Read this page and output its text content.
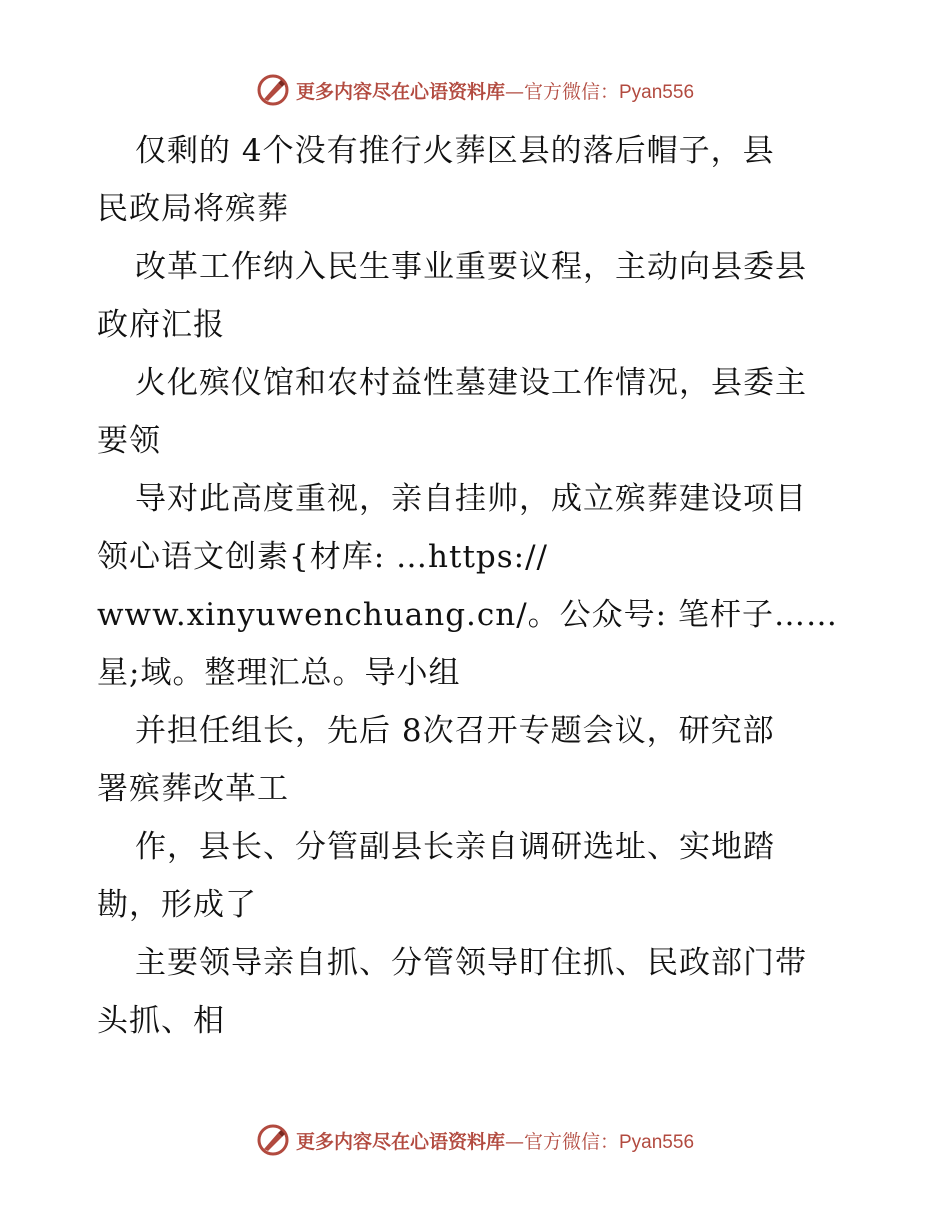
更多内容尽在心语资料库 — 官方微信： Pyan556
仅剩的 4个没有推行火葬区县的落后帽子，县
民政局将殡葬
改革工作纳入民生事业重要议程，主动向县委县
政府汇报
火化殡仪馆和农村益性墓建设工作情况，县委主
要领
导对此高度重视，亲自挂帅，成立殡葬建设项目
领心语文创素{材库: …https://
www.xinyuwenchuang.cn/。公众号: 笔杆子……
星;域。整理汇总。导小组
并担任组长，先后 8次召开专题会议，研究部
署殡葬改革工
作，县长、分管副县长亲自调研选址、实地踏
勘，形成了
主要领导亲自抓、分管领导盯住抓、民政部门带
头抓、相
更多内容尽在心语资料库 — 官方微信： Pyan556
